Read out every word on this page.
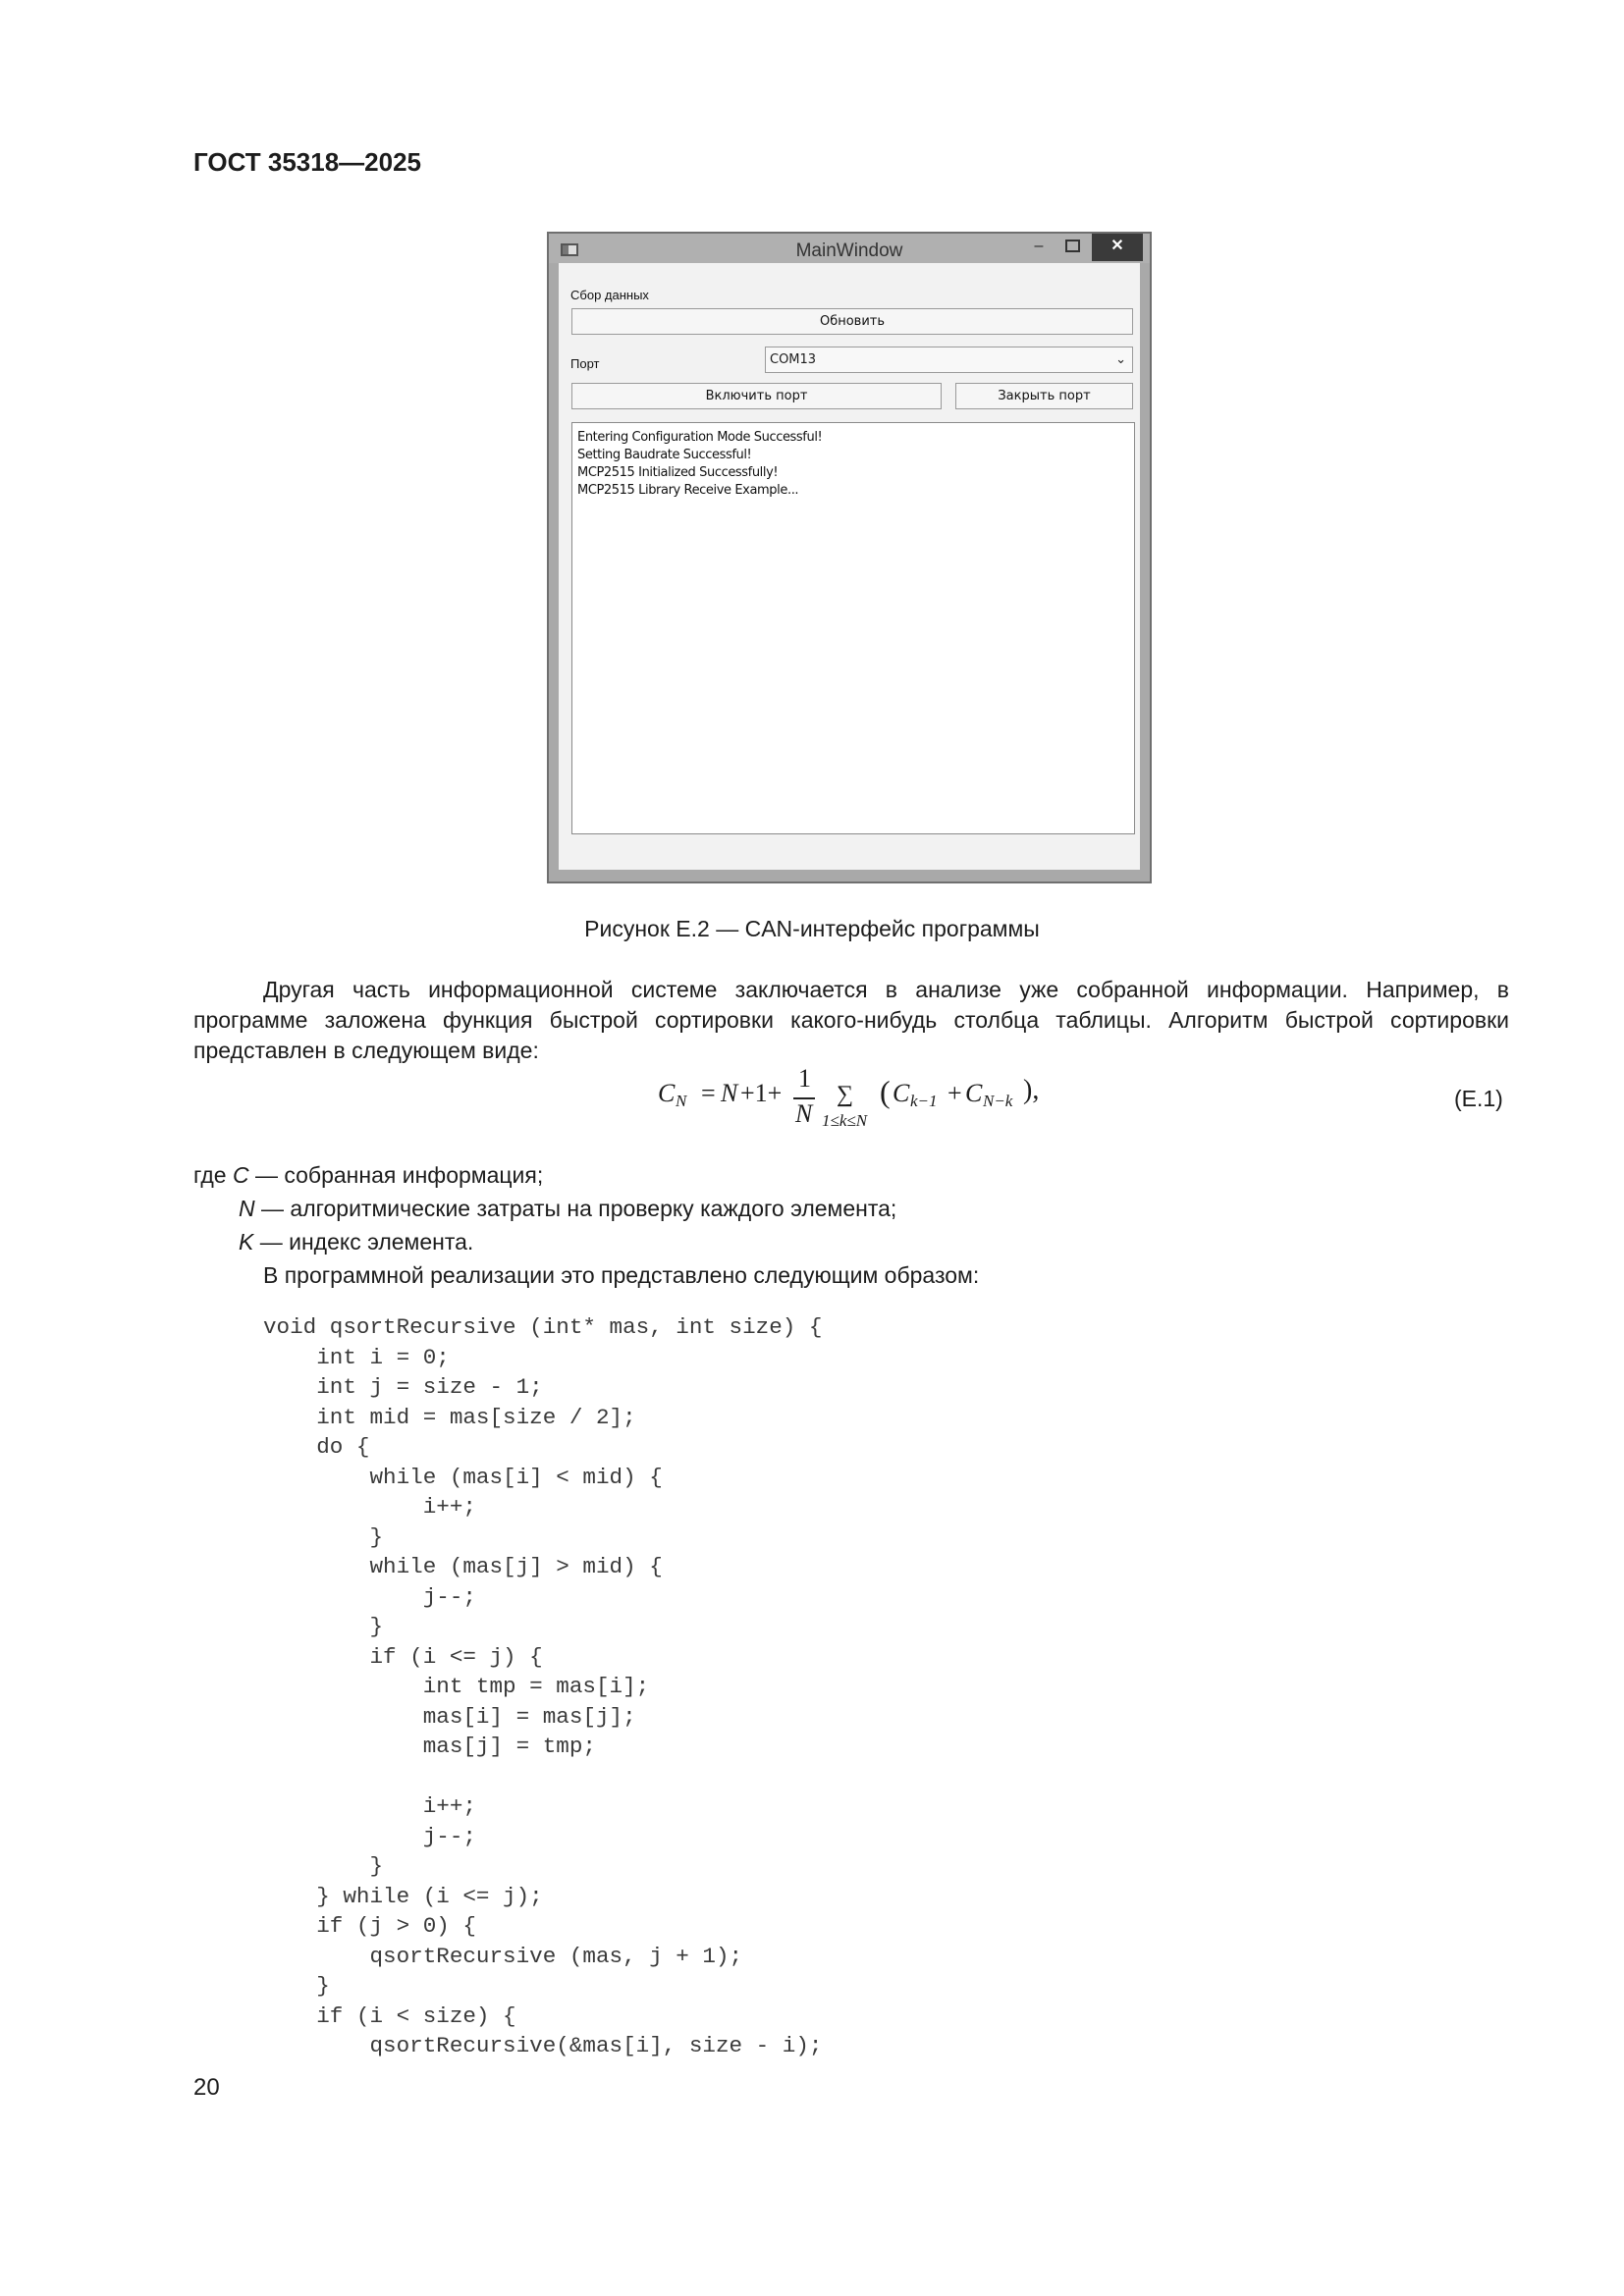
ГОСТ 35318—2025
MainWindow	–	✕
Сбор данных
Обновить
Порт	COM13	⌄
Включить порт	Закрыть порт
Entering Configuration Mode Successful!
Setting Baudrate Successful!
MCP2515 Initialized Successfully!
MCP2515 Library Receive Example...
Рисунок Е.2 — CAN-интерфейс программы
Другая часть информационной системе заключается в анализе уже собранной информации. Например, в
программе заложена функция быстрой сортировки какого-нибудь столбца таблицы. Алгоритм быстрой сортировки
представлен в следующем виде:
C N = N +1+
1
N
∑
1≤k≤N
( C k−1 + C N−k ),	(Е.1)
где C — собранная информация;
N — алгоритмические затраты на проверку каждого элемента;
K — индекс элемента.
В программной реализации это представлено следующим образом:
void qsortRecursive (int* mas, int size) {
int i = 0;
int j = size - 1;
int mid = mas[size / 2];
do {
while (mas[i] < mid) {
i++;
}
while (mas[j] > mid) {
j--;
}
if (i <= j) {
int tmp = mas[i];
mas[i] = mas[j];
mas[j] = tmp;

i++;
j--;
}
} while (i <= j);
if (j > 0) {
qsortRecursive (mas, j + 1);
}
if (i < size) {
qsortRecursive(&mas[i], size - i);
20
